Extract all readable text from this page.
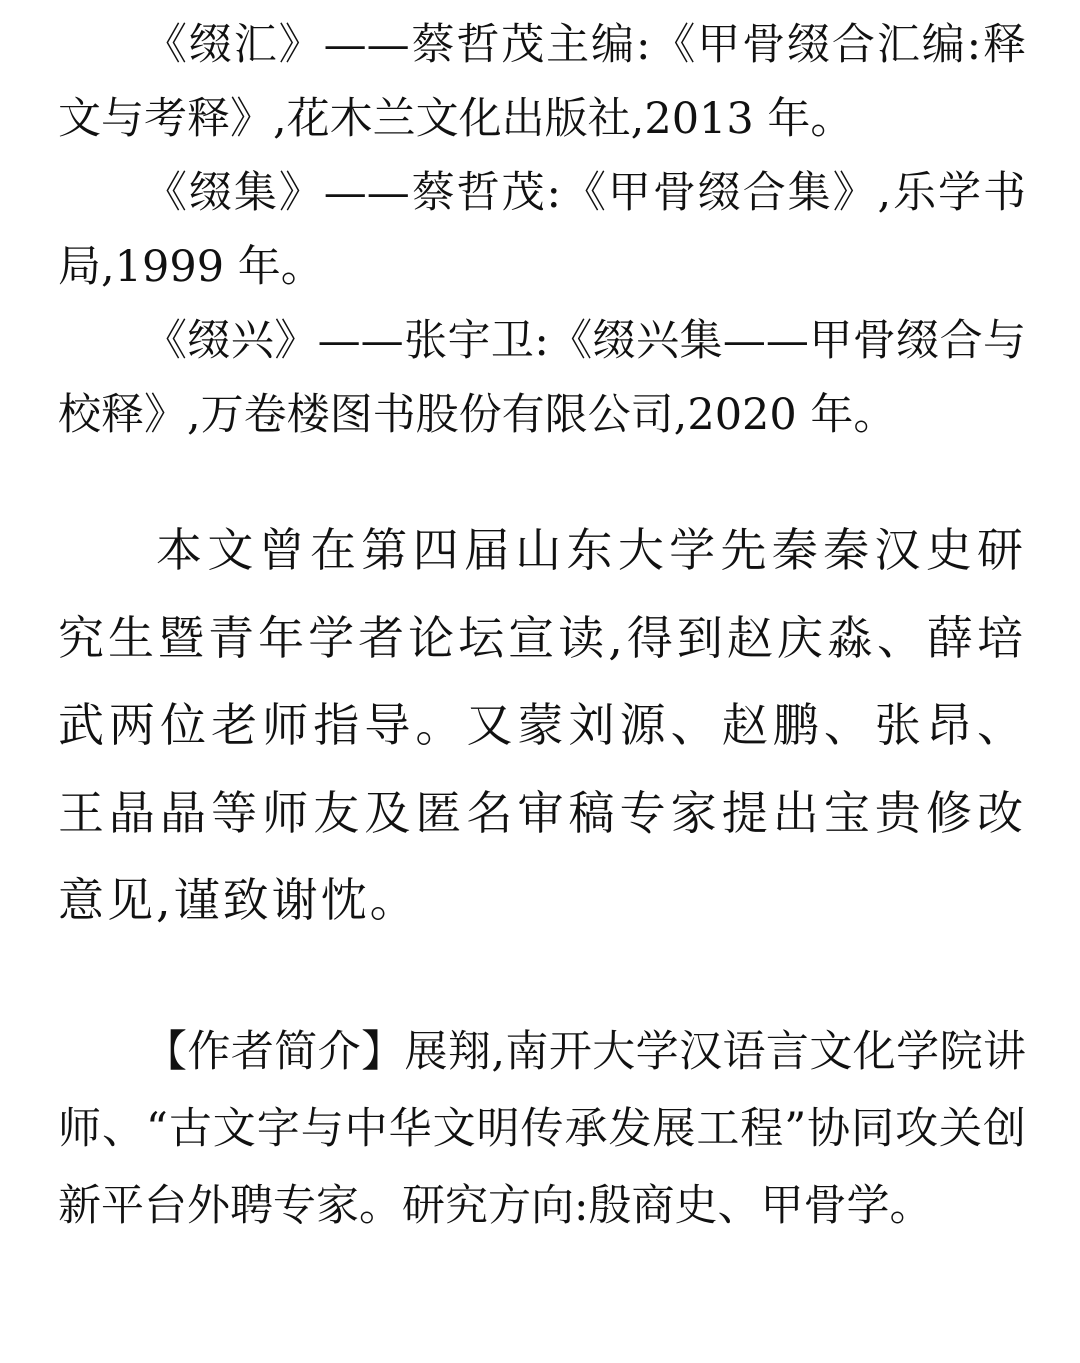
《缀汇》——蔡哲茂主编:《甲骨缀合汇编:释文与考释》,花木兰文化出版社,2013 年。

《缀集》——蔡哲茂:《甲骨缀合集》,乐学书局,1999 年。

《缀兴》——张宇卫:《缀兴集——甲骨缀合与校释》,万卷楼图书股份有限公司,2020 年。

本文曾在第四届山东大学先秦秦汉史研究生暨青年学者论坛宣读,得到赵庆淼、薛培武两位老师指导。又蒙刘源、赵鹏、张昂、王晶晶等师友及匿名审稿专家提出宝贵修改意见,谨致谢忱。

【作者简介】展翔,南开大学汉语言文化学院讲师、“古文字与中华文明传承发展工程”协同攻关创新平台外聘专家。研究方向:殷商史、甲骨学。
